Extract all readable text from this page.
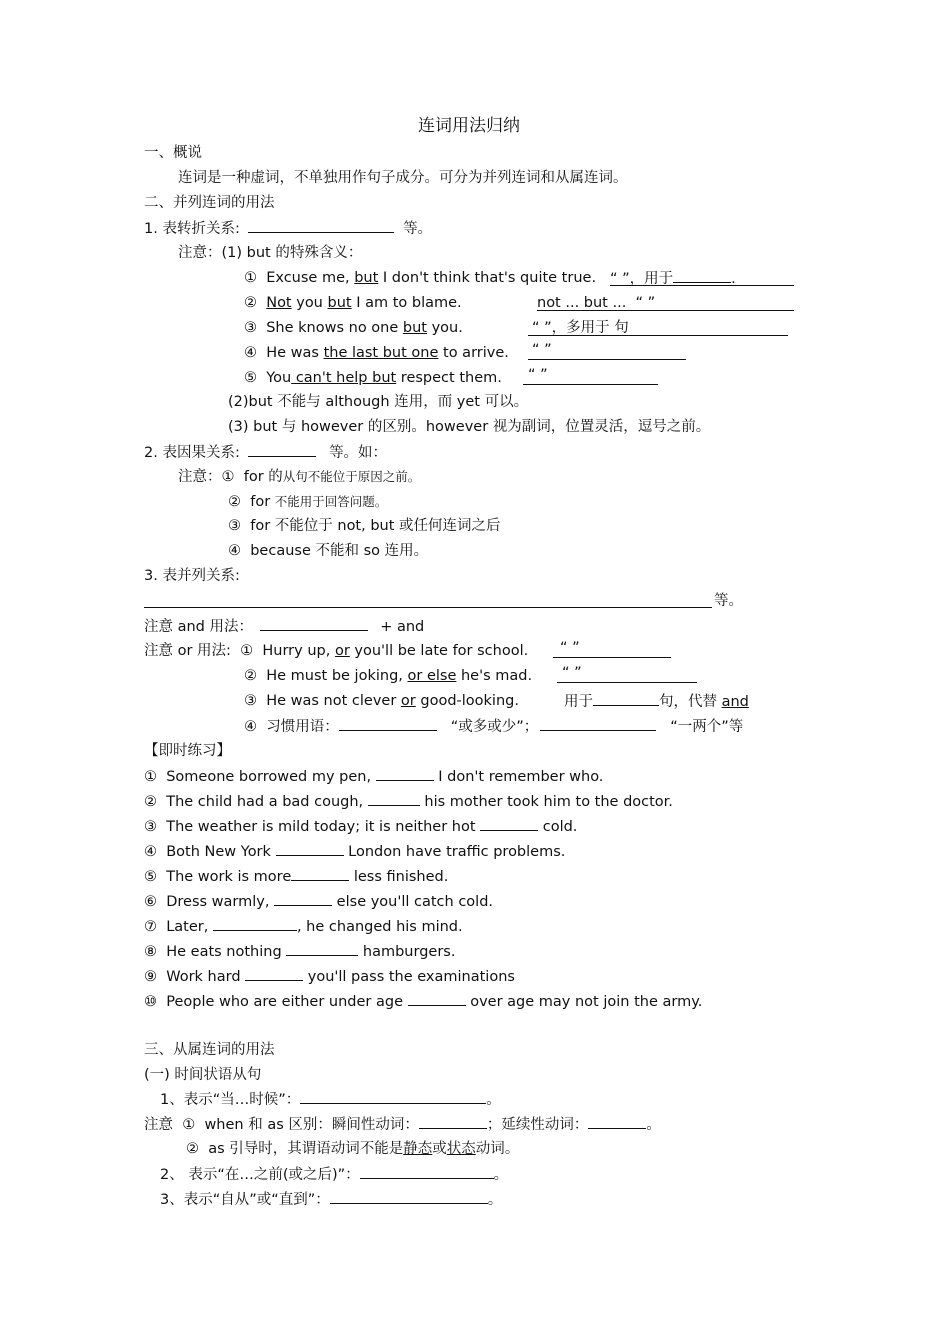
连词用法归纳
一、概说
连词是一种虚词，不单独用作句子成分。可分为并列连词和从属连词。
二、并列连词的用法
1. 表转折关系:	等。
注意：(1) but 的特殊含义：
① Excuse me, but I don't think that's quite true. “ ”，用于	.
② Not you but I am to blame.	not ... but ... “ ”
③ She knows no one but you.	“ ”，多用于 句
④ He was the last but one to arrive. “ ”
⑤ You can't help but respect them. “ ”
(2)but 不能与 although 连用，而 yet 可以。
(3) but 与 however 的区别。however 视为副词，位置灵活，逗号之前。
2. 表因果关系:	等。如：
注意：① for 的从句不能位于原因之前。
② for 不能用于回答问题。
③ for 不能位于 not, but 或任何连词之后
④ because 不能和 so 连用。
3. 表并列关系:
等。
注意 and 用法：	+ and
注意 or 用法: ① Hurry up, or you'll be late for school. “ ”
② He must be joking, or else he's mad. “ ”
③ He was not clever or good-looking.	用于	句，代替 and
④ 习惯用语：	“或多或少”；	“一两个”等
【即时练习】
① Someone borrowed my pen,	I don't remember who.
② The child had a bad cough,	his mother took him to the doctor.
③ The weather is mild today; it is neither hot	cold.
④ Both New York	London have traffic problems.
⑤ The work is more	less finished.
⑥ Dress warmly,	else you'll catch cold.
⑦ Later,	, he changed his mind.
⑧ He eats nothing	hamburgers.
⑨ Work hard	you'll pass the examinations
⑩ People who are either under age	over age may not join the army.
三、从属连词的用法
(一) 时间状语从句
1、表示“当…时候”：	。
注意 ① when 和 as 区别：瞬间性动词：	；延续性动词：	。
② as 引导时，其谓语动词不能是静态或状态动词。
2、 表示“在…之前(或之后)”：	。
3、表示“自从”或“直到”：	。
